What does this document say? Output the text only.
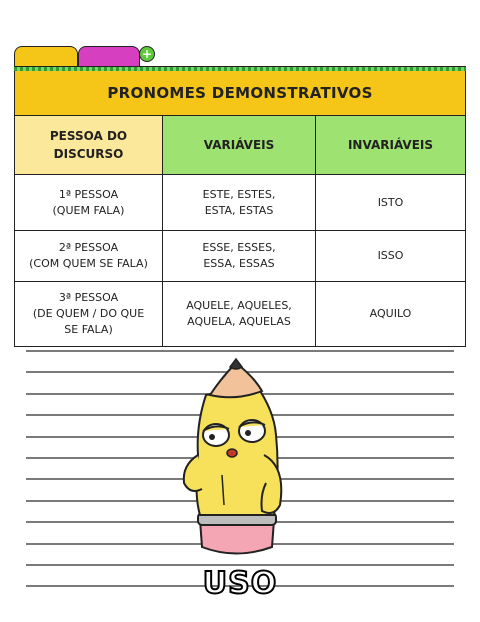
+
PRONOMES DEMONSTRATIVOS
PESSOA DO
DISCURSO
VARIÁVEIS	INVARIÁVEIS
1ª PESSOA
(QUEM FALA)
ESTE, ESTES,
ESTA, ESTAS
ISTO
2ª PESSOA
(COM QUEM SE FALA)
ESSE, ESSES,
ESSA, ESSAS
ISSO
3ª PESSOA
(DE QUEM / DO QUE
SE FALA)
AQUELE, AQUELES,
AQUELA, AQUELAS
AQUILO
USO
